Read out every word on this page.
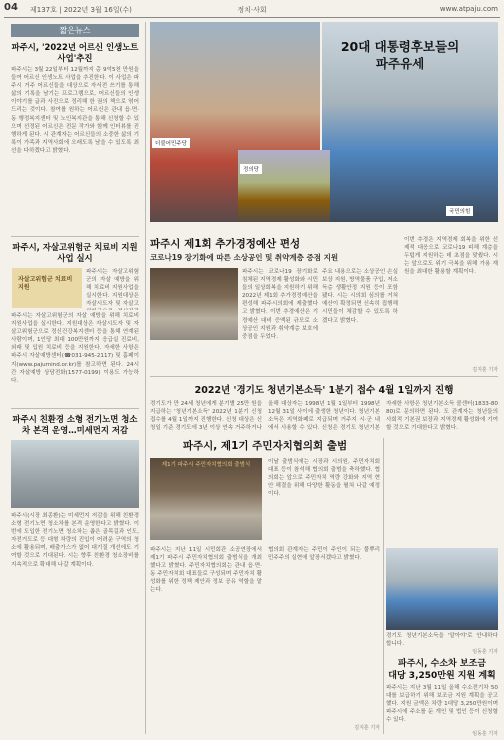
04 제137호 | 2022년 3월 16일(수)	정치·사회	www.atpaju.com
짧은뉴스
파주시, '2022년 어르신 인생노트 사업'추진
파주시는 3월 22일부터 12월까지 총 9억5천 만원을 들여 어르신 인생노트 사업을 추진한다. 이 사업은 파주시 거주 어르신들을 대상으로 자서전 쓰기를 통해 삶의 기록을 남기는 프로그램으로, 어르신들의 인생 이야기를 글과 사진으로 정리해 한 권의 책으로 엮어 드리는 것이다. 참여를 원하는 어르신은 관내 읍·면·동 행정복지센터 및 노인복지관을 통해 신청할 수 있으며 선정된 어르신은 전문 작가와 함께 인터뷰를 진행하게 된다. 시 관계자는 어르신들의 소중한 삶의 기록이 가족과 지역사회에 오래도록 남을 수 있도록 최선을 다하겠다고 밝혔다.
파주시, 자살고위험군 치료비 지원사업 실시
자살고위험군 치료비 지원
파주시는 자살고위험군의 자살 예방을 위해 치료비 지원사업을 실시한다. 지원대상은 자살시도자 및 자살고
파주시는 자살고위험군의 자살 예방을 위해 치료비 지원사업을 실시한다. 지원대상은 자살시도자 및 자살고위험군으로 정신건강복지센터 등을 통해 연계된 사람이며, 1인당 최대 100만원까지 응급실 진료비, 외래 및 입원 치료비 등을 지원한다. 자세한 사항은 파주시 자살예방센터(☎031-945-2117) 및 홈페이지(www.pajumind.or.kr)를 참고하면 된다. 24시간 자살예방 상담전화(1577-0199) 이용도 가능하다.
파주시 친환경 소형 전기노면 청소차 본격 운영…미세먼지 저감
파주시(시장 최종환)는 미세먼지 저감을 위해 친환경 소형 전기노면 청소차를 본격 운영한다고 밝혔다. 이번에 도입한 전기노면 청소차는 좁은 골목길과 인도, 자전거도로 등 대형 차량의 진입이 어려운 구역의 청소에 활용되며, 배출가스가 없어 대기질 개선에도 기여할 것으로 기대된다. 시는 향후 친환경 청소장비를 지속적으로 확대해 나갈 계획이다.
20대 대통령후보들의
파주유세
더불어민주당
국민의힘
정의당
파주시 제1회 추가경정예산 편성
코로나19 장기화에 따른 소상공인 및 취약계층 증점 지원
파주시는 코로나19 장기화로 침체된 지역경제 활성화와 시민들의 일상회복을 지원하기 위해 2022년 제1회 추가경정예산을 편성해 파주시의회에 제출했다고 밝혔다. 이번 추경예산은 기정예산 대비 증액된 규모로 소상공인 지원과 취약계층 보호에 중점을 두었다.
주요 내용으로는 소상공인 손실보상 지원, 방역물품 구입, 저소득층 생활안정 지원 등이 포함됐다. 시는 시의회 심의를 거쳐 예산이 확정되면 신속히 집행해 시민들이 체감할 수 있도록 하겠다고 밝혔다.
이번 추경은 지역경제 회복을 위한 선제적 대응으로 코로나19 피해 계층을 두텁게 지원하는 데 초점을 맞췄다. 시는 앞으로도 위기 극복을 위해 가용 재원을 최대한 활용할 계획이다.
김지훈 기자
2022년 '경기도 청년기본소득' 1분기 접수 4월 1일까지 진행
경기도가 만 24세 청년에게 분기별 25만 원을 지급하는 '청년기본소득' 2022년 1분기 신청 접수를 4월 1일까지 진행한다. 신청 대상은 신청일 기준 경기도에 3년 이상 연속 거주하거나
올해 대상자는 1998년 1월 1일부터 1998년 12월 31일 사이에 출생한 청년이다. 청년기본소득은 지역화폐로 지급되며 거주지 시·군 내에서 사용할 수 있다. 신청은 경기도 청년기본
자세한 사항은 청년기본소득 콜센터(1833-8080)로 문의하면 된다. 도 관계자는 청년들의 사회적 기본권 보장과 지역경제 활성화에 기여할 것으로 기대한다고 밝혔다.
파주시, 제1기 주민자치협의회 출범
제1기 파주시 주민자치협의회 출범식	이날 출범식에는 시장과 시의원, 주민자치회 대표 등이 참석해 협의회 출범을 축하했다. 협의회는 앞으로 주민자치 역량 강화와 지역 현안 해결을 위해 다양한 활동을 펼쳐 나갈 예정이다.
파주시는 지난 11일 시민회관 소공연장에서 제1기 파주시 주민자치협의회 출범식을 개최했다고 밝혔다. 주민자치협의회는 관내 읍·면·동 주민자치회 대표들로 구성되며 주민자치 활성화를 위한 정책 제안과 정보 공유 역할을 맡는다.
협의회 관계자는 주민이 주인이 되는 풀뿌리 민주주의 실현에 앞장서겠다고 밝혔다.
김지훈 기자
경기도 청년기본소득을 '알아야'로 안내하다 합니다.
임동훈 기자
파주시, 수소차 보조금
대당 3,250만원 지원 계획
파주시는 지난 3월 11일 올해 수소전기차 50대를 보급하기 위해 보조금 지원 계획을 공고했다. 지원 금액은 차량 1대당 3,250만원이며 파주시에 주소를 둔 개인 및 법인 등이 신청할 수 있다.
임동훈 기자
